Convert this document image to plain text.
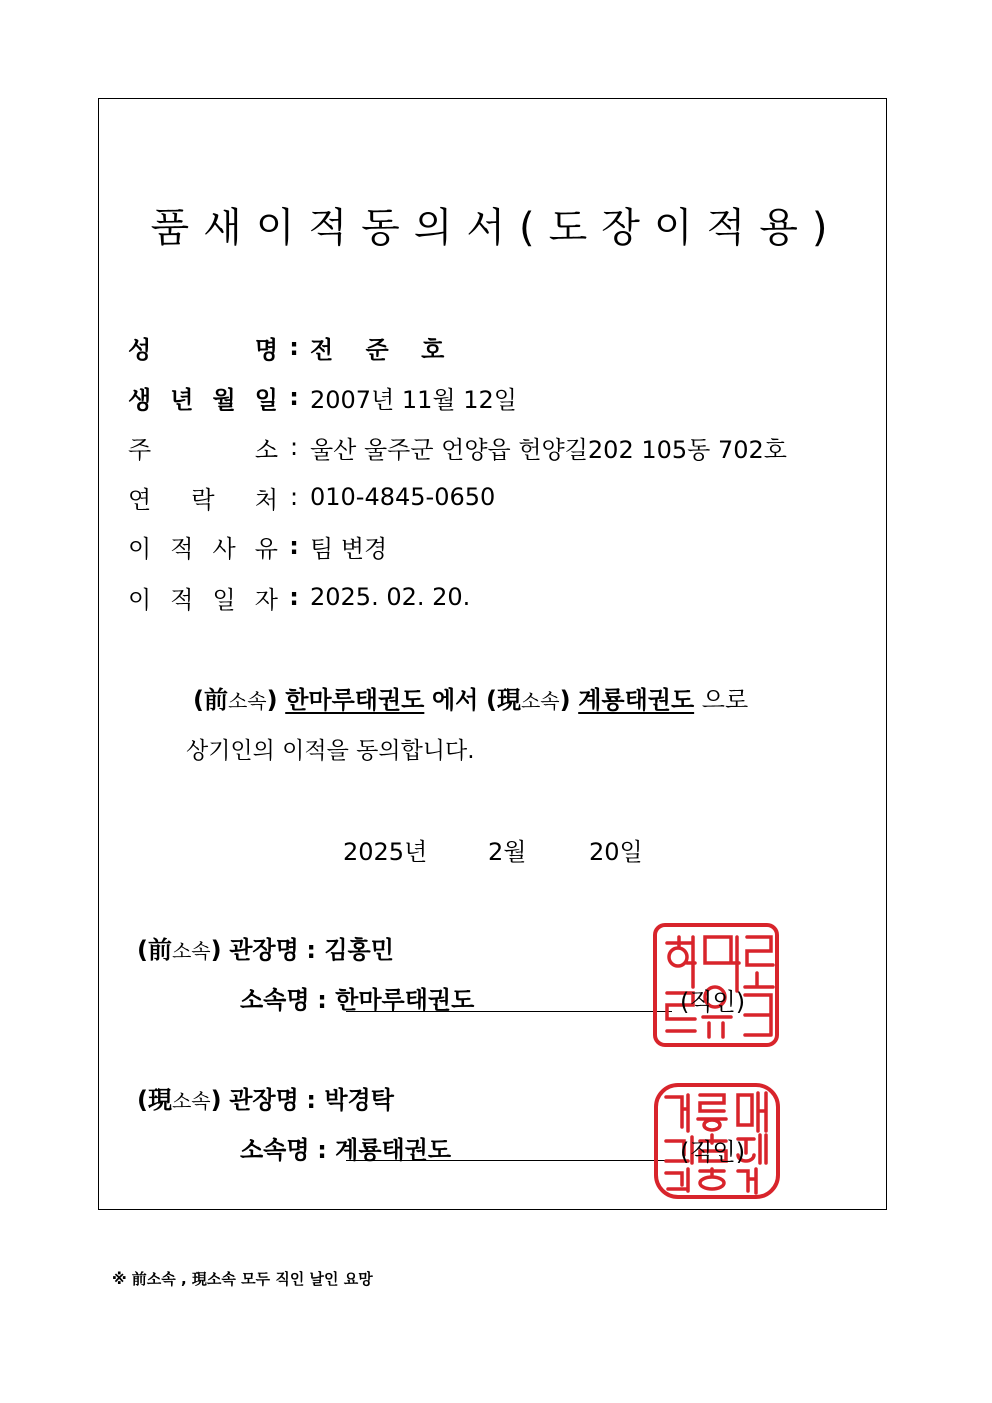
품새이적동의서(도장이적용)
성	명 : 전 준 호
생 년 월 일 : 2007년 11월 12일
주	소 : 울산 울주군 언양읍 헌양길202 105동 702호
연 락 처 : 010-4845-0650
이 적 사 유 : 팀 변경
이 적 일 자 : 2025. 02. 20.
(前소속) 한마루태권도 에서 (現소속) 계룡태권도 으로
상기인의 이적을 동의합니다.
2025년	2월	20일
(前소속) 관장명 : 김홍민
소속명 : 한마루태권도	(직인)
(現소속) 관장명 : 박경탁
소속명 : 계룡태권도	(직인)
※ 前소속 , 現소속 모두 직인 날인 요망
